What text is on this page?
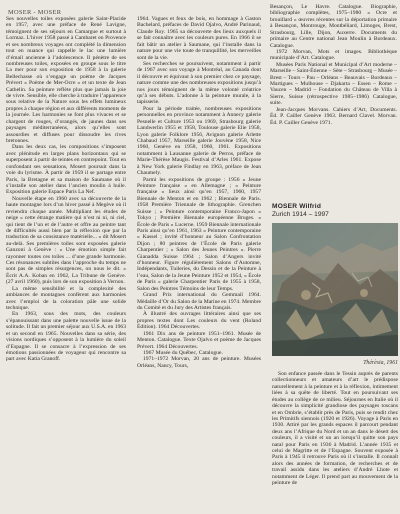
MOSER - MOSER

Ses nouvelles toiles exposées galerie Saint-Placide en 1957, avec une préface de René Lavigne, témoignent de ses séjours en Camargue et surtout à Lormaz. L’hiver 1958 passé à Cambaret en Provence et ses nombreux voyages ont complété la dimension tout en nuance qui rappelle le lac une lumière d’émail ancienne à l’adolescence. Il pénètre de ses nombreuses toiles, exposées en groupe sous le titre La mer pour son exposition de 1958 à la galerie Bellechasse où s’engage un poème de Jacques Prévert « Poème de Mer-Ocre » et un texte de Jean Cathelin. Sa peinture reflète plus que jamais la joie de vivre. Sensible, elle cherche à traduire l’apparence sous relative de la Nature sous les effets lumineux propres à chaque région et aux différents moments de la journée. Les harmonies se font plus vivaces et se chargent de rouges, d’orangés, de jaunes dans ses paysages méditerranéens, alors qu’elles sont assourdies et diffuses pour dissoudre les rives bretonnes.

Dans les deux cas, les compositions s’imposent avec plénitude en larges plans horizontaux qui se superposent à partir de teintes en contrepoint. Tout en confondant ses sensations, Mosert poursuit dans la voie du lyrisme. À partir de 1959 il se partage entre Paris, la Bretagne et sa maison de Saumane où il s’installe son atelier dans l’ancien moulin à huile. Exposition galerie Espace Paris La Nef.

Nouvelle étape en 1960 avec sa découverte de la haute montagne lors d’un hiver passé à Megève où il reviendra chaque année. Multipliant les études de neige « cette étrange matière qui n’est ni ni, ni ciel, qui tient de l’un et de l’autre et offre au peintre tant de difficultés aussi bien par la réflexion que par la traduction de sa consistance matérielle... » dit Mosert au-delà. Ses premières toiles sont exposées galerie Ganzoni à Genève : « Une émotion simple fait rayonner toutes ces toiles ... d’une grande harmonie. Ces résonances subtiles dans l’approche du temps ne sont pas de simples résurgences, on nous le dit. » Écrit A.A. Koban en 1962, La Tribune de Genève. (27 avril 1960), puis lors de son exposition à Vernon.

La même sensibilité et la complexité des ambiances de montagnes confèrent aux harmonies avec l’emploi de la coloration pâle une solide technique.

En 1963, sous des mots, des couleurs s’épanouissant dans une palette nouvelle issue de la solitude. Il fait un premier séjour aux U.S.A. en 1963 et un second en 1965. Nouvelles dans sa série, des visions nordiques s’opposent à la lumière du soleil d’Espagne. Il se consacre à l’expression de ses émotions passionnées de voyageur qui rencontre sa part avec Katia Granoff.

1964. Vagues et feux de bois, en hommage à Gaston Bachelard, préfaces de David Ojalvo, André Parinaud, Claude Roy. 1965 sa découverte des lieux auxquels il se fait connaître avec les couleurs pures. En 1966 il se fait bâtir un atelier à Saumane, qui l’installe dans la nature pour une vie toute de tranquillité, les merveilles sont de la vie.

Ses recherches se poursuivent, notamment à partir de 1967 avec son voyage à Montréal, au Canada dont il découvre et équivaut à son premier chez ce paysage, nature comme une des nombreuses expositions jusqu’à nos jours témoignent de la même volonté créatrice qu’à ses débuts. L’adonne à la peinture murale, à la tapisserie.

Pour la période traitée, nombreuses expositions personnelles en province notamment à Annecy galerie Pesnelle et Culture 1953 ou 1969, Strasbourg galerie Landwerlin 1955 et 1958, Toulouse galerie Elie 1958, Lyon galerie Folklore 1956, Avignon galerie Arlette Chabaud 1957, Marseille galerie Jouvène 1958, Nice 1960, Genève en 1958, 1960, 1961. Expositions notamment à Lausanne galerie de Perros, préface de Marie-Thérèse Maugis. Festival d’Arles 1961. Expose à New York galerie Findlay en 1963, préface de Jean Chaumely.

Parmi les expositions de groupe : 1956 « Jeune Peinture française » en Allemagne ; « Peinture française » lieux ainsi qu’en 1957, 1960, 1957 Biennale de Menton et en 1962 ; Biennale de Paris. 1958 Première Triennale de lithographie. Grenchen Suisse ; « Peinture contemporaine Franco-Japon » Tokyo ; Première Biennale européenne Bruges. « École de Paris » Lucerne. 1959 Biennale internationale Paris ainsi qu’en 1961, 1963 « Peinture contemporaine » Kassel ; invité d’honneur au Salon Confrontation Dijon ; 80 peintres de l’École de Paris galerie Charpentier ; « Salon des Jeunes Peintres ». Pierre Gianadda Suisse 1964 ; Salon d’Angers invité d’honneur. Figure régulièrement Salons d’Automne, Indépendants, Tuileries, du Dessin et de la Peinture à l’eau, Salon de la Jeune Peinture 1952 et 1954, « École de Paris » galerie Charpentier Paris de 1955 à 1958, Salon des Peintres Témoins de leur Temps.

Grand Prix international du Gemmail 1964. Médaille d’Or du Salon de la Marine en 1974. Membre du Comité et du Jury des Artistes français.

À illustré des ouvrages littéraires ainsi que ses propres textes dont Les couleurs du vent (Roland Édition). 1964 Découvertes.

1961 Dix ans de peinture 1951–1961. Musée de Menton. Catalogue. Texte Ojalvo et poème de Jacques Prévert. 1964 Découvertes.

1967 Musée du Québec, Catalogue.

1971–1972 Morvan, 20 ans de peinture. Musées Orléans, Nancy, Tours,

Besançon, Le Havre. Catalogue. Biographie, bibliographie complètes, 1975–1980 « Ocre et brouillard » œuvres récentes sur la déportation primaire à Besançon, Montrouge, Montbéliard, Limoges, Brest, Strasbourg, Lille, Dijon, Auxerre. Documents du primaire au Centre national Jean Moulin à Bordeaux. Catalogue.

1972 Morvan, Mots et images. Bibliothèque municipale d’Art. Catalogue.

Musées Paris National et Municipal d’Art moderne – Marseille – Saint-Étienne – Sète – Strasbourg – Musée – Brest – Tours – Pau – Orléans – Beauvais – Bordeaux – Martigues – Mulhouse – Djakarta – Essen – Rome – Vaucen – Madrid – Fondation du Château de Villa à Sierre, Suisse (rétrospective 1985–1986) Catalogue, suite.

Jean-Jacques Morvans. Cahiers d’Art, Documents. Éd. P. Cailler Genève 1963. Bernard Clavel. Morvan. Éd. P. Cailler Genève 1971.

MOSER Wilfrid
Zurich 1914 – 1997
Thérèsia, 1961

Son enfance passée dans le Tessin auprès de parents collectionneurs et amateurs d’art le prédispose naturellement à la peinture et à la réflexion, intimement liées à sa quête de liberté. Tout en poursuivant ses études au collège de ce milieu. Séjournes en Italie où il découvre la simplicité grandiose des paysages toscans et en Ombrie, s’établit près de Paris, puis se rendit chez les Primitifs siennois (1920 et 1926). Voyage à Paris en 1930. Attiré par les grands espaces il parcourt pendant deux ans l’Afrique du Nord et un an dans le désert des couleurs, il a visité et un an lorsqu’il quitte son pays natal pour Paris en 1936 à Madrid. L’année 1935 et celui de Magritte et de l’Espagne. Souvent exposée à Paris à 1945 il retrouve Paris où il s’installe. Il connaît alors des années de formation, de recherches et de travail assidu dans les ateliers d’André Lhote et notamment de Léger. Il prend part au mouvement de la peinture de
